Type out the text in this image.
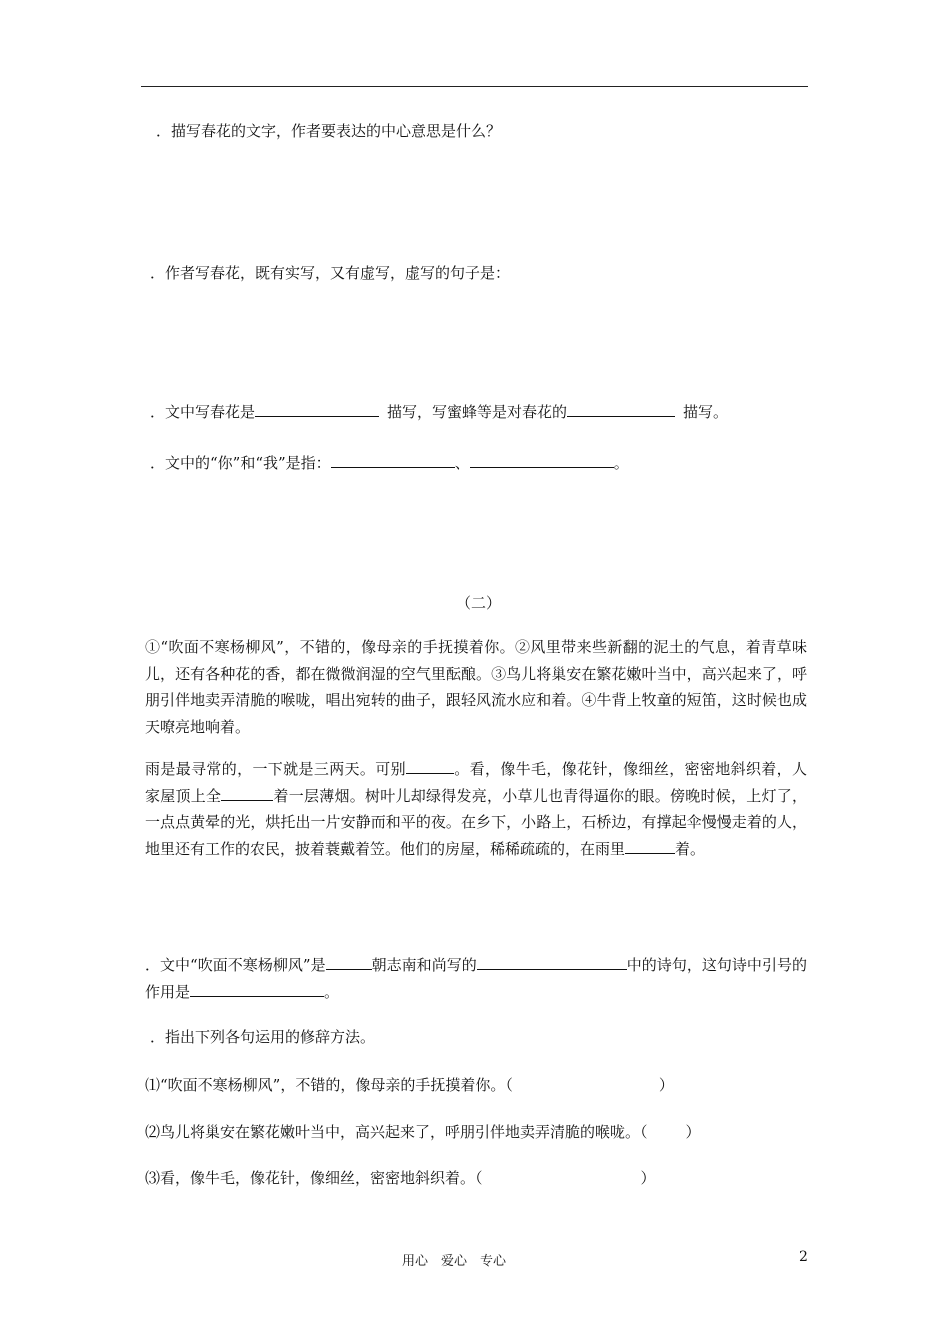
．描写春花的文字，作者要表达的中心意思是什么？
．作者写春花，既有实写，又有虚写，虚写的句子是：
．文中写春花是	描写，写蜜蜂等是对春花的	描写。
．文中的“你”和“我”是指：	、	。
（二）

①“吹面不寒杨柳风”，不错的，像母亲的手抚摸着你。②风里带来些新翻的泥土的气息，着青草味儿，还有各种花的香，都在微微润湿的空气里酝酿。③鸟儿将巢安在繁花嫩叶当中，高兴起来了，呼朋引伴地卖弄清脆的喉咙，唱出宛转的曲子，跟轻风流水应和着。④牛背上牧童的短笛，这时候也成天嘹亮地响着。

雨是最寻常的，一下就是三两天。可别	。看，像牛毛，像花针，像细丝，密密地斜织着，人家屋顶上全	着一层薄烟。树叶儿却绿得发亮，小草儿也青得逼你的眼。傍晚时候，上灯了，一点点黄晕的光，烘托出一片安静而和平的夜。在乡下，小路上，石桥边，有撑起伞慢慢走着的人，地里还有工作的农民，披着蓑戴着笠。他们的房屋，稀稀疏疏的，在雨里	着。

．文中“吹面不寒杨柳风”是	朝志南和尚写的	中的诗句，这句诗中引号的作用是	。

．指出下列各句运用的修辞方法。
⑴“吹面不寒杨柳风”，不错的，像母亲的手抚摸着你。（	）
⑵鸟儿将巢安在繁花嫩叶当中，高兴起来了，呼朋引伴地卖弄清脆的喉咙。（	）
⑶看，像牛毛，像花针，像细丝，密密地斜织着。（	）
用心　爱心　专心	2
